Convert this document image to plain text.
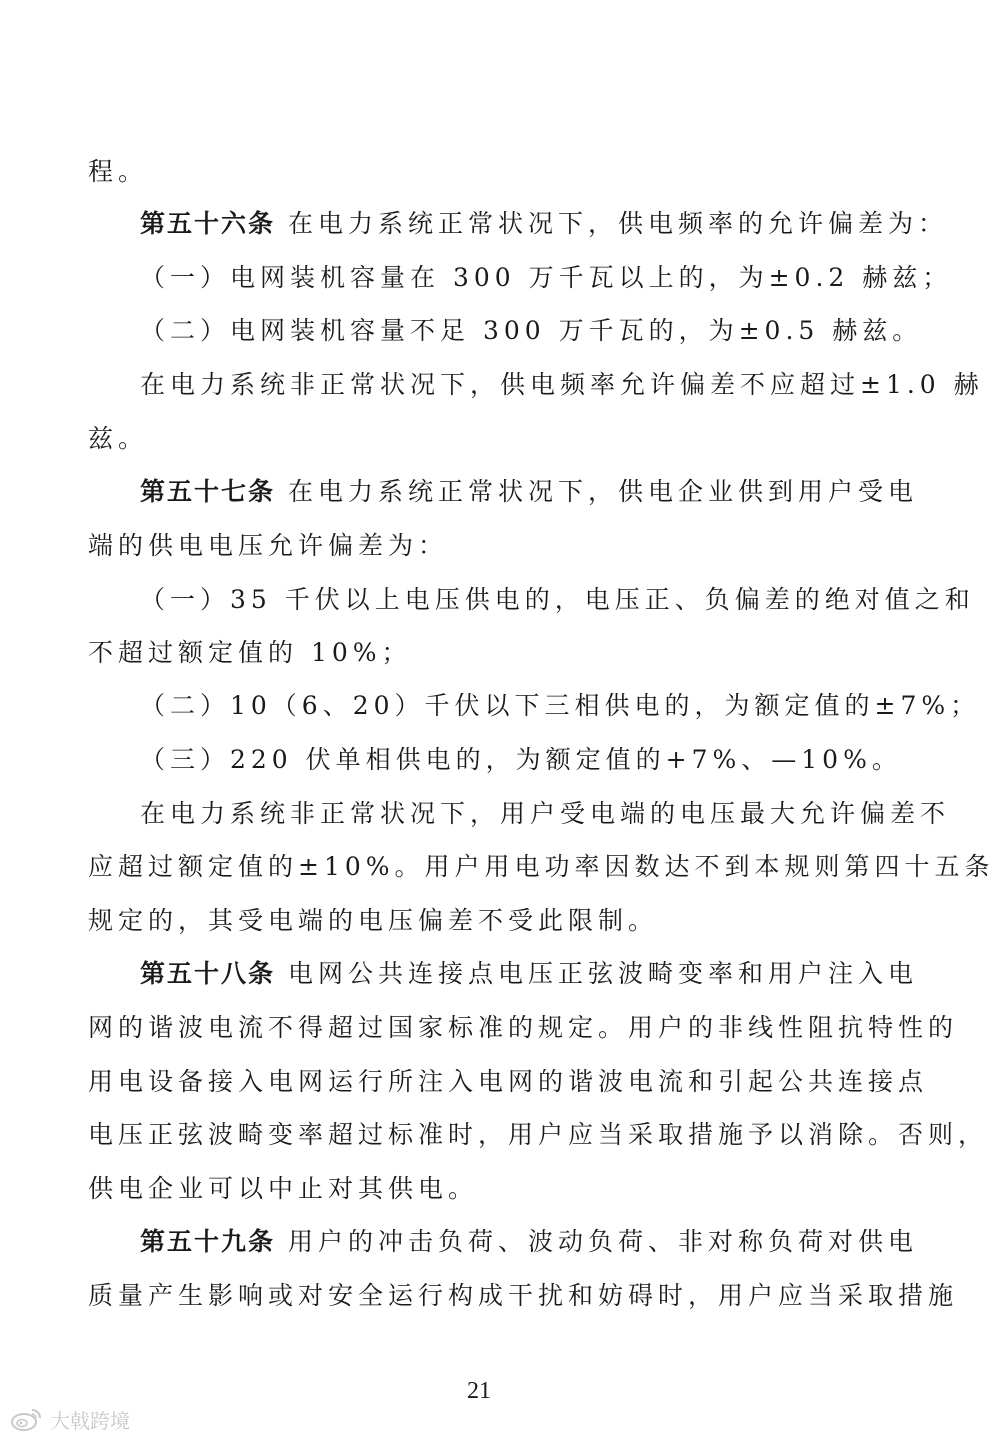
程。
第五十六条 在电力系统正常状况下，供电频率的允许偏差为：
（一）电网装机容量在 300 万千瓦以上的，为±0.2 赫兹；
（二）电网装机容量不足 300 万千瓦的，为±0.5 赫兹。
在电力系统非正常状况下，供电频率允许偏差不应超过±1.0 赫
兹。
第五十七条 在电力系统正常状况下，供电企业供到用户受电
端的供电电压允许偏差为：
（一）35 千伏以上电压供电的，电压正、负偏差的绝对值之和
不超过额定值的 10%；
（二）10（6、20）千伏以下三相供电的，为额定值的±7%；
（三）220 伏单相供电的，为额定值的+7%、—10%。
在电力系统非正常状况下，用户受电端的电压最大允许偏差不
应超过额定值的±10%。用户用电功率因数达不到本规则第四十五条
规定的，其受电端的电压偏差不受此限制。
第五十八条 电网公共连接点电压正弦波畸变率和用户注入电
网的谐波电流不得超过国家标准的规定。用户的非线性阻抗特性的
用电设备接入电网运行所注入电网的谐波电流和引起公共连接点
电压正弦波畸变率超过标准时，用户应当采取措施予以消除。否则，
供电企业可以中止对其供电。
第五十九条 用户的冲击负荷、波动负荷、非对称负荷对供电
质量产生影响或对安全运行构成干扰和妨碍时，用户应当采取措施
21
大戟跨境
